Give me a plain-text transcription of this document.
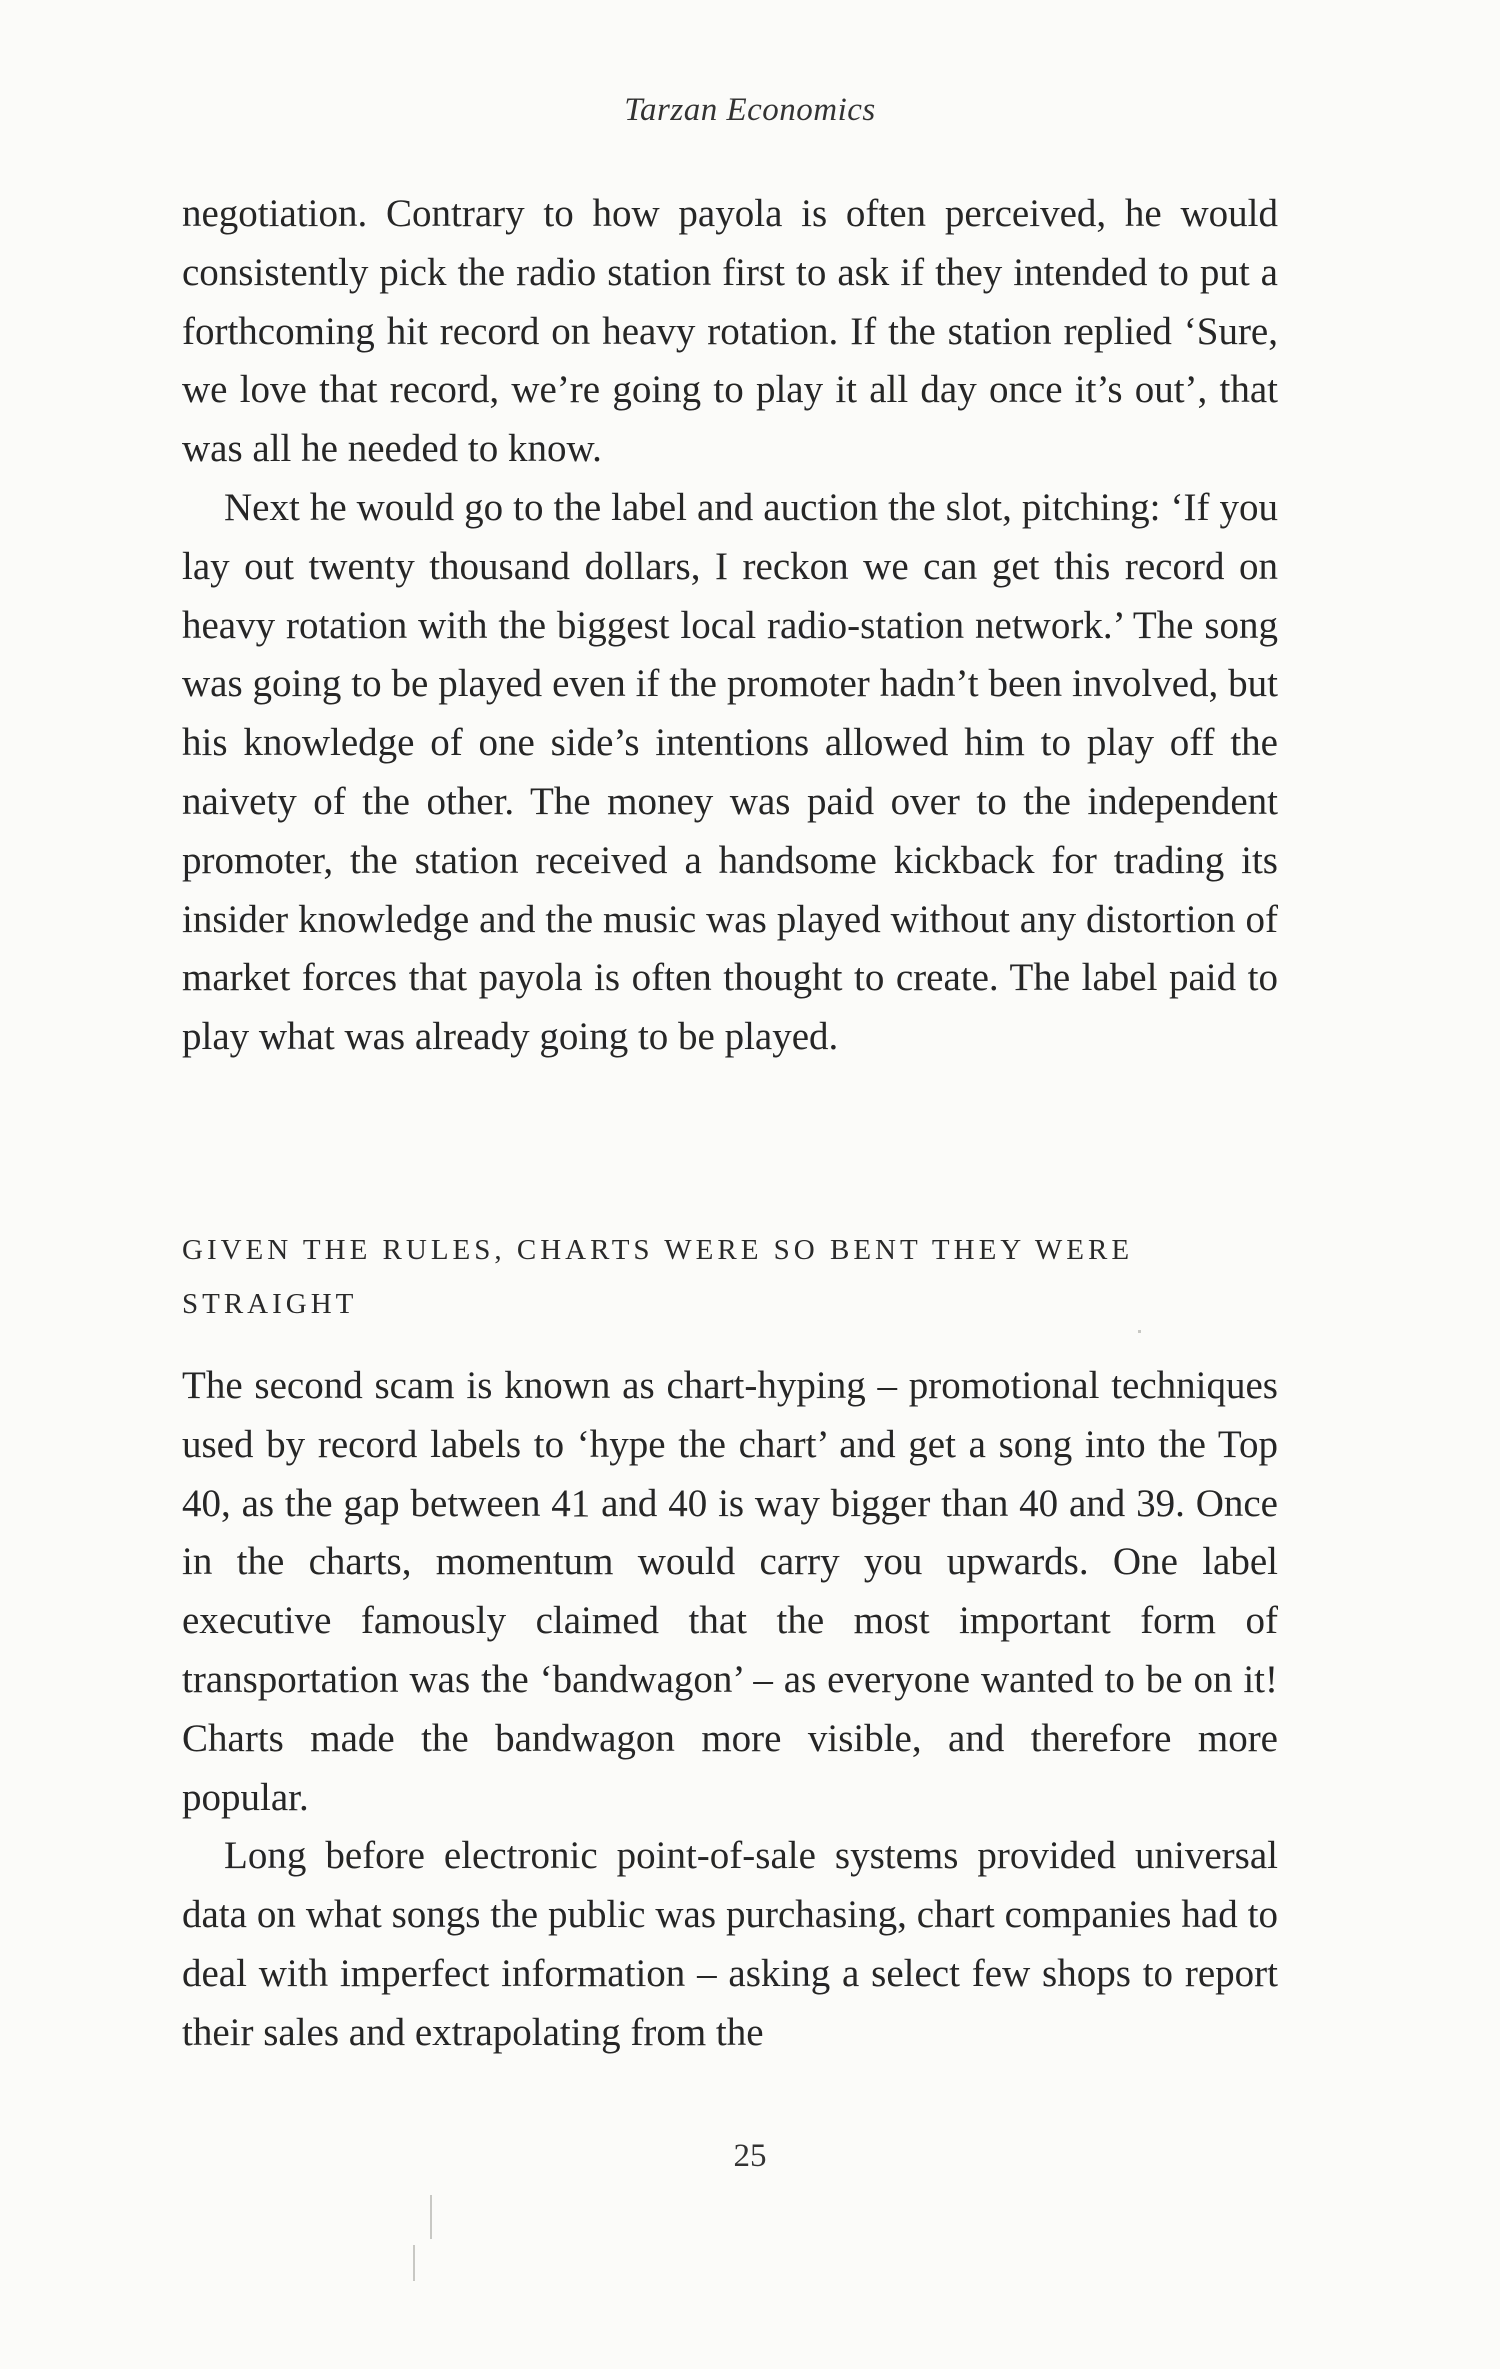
Tarzan Economics

negotiation. Contrary to how payola is often perceived, he would consistently pick the radio station first to ask if they intended to put a forthcoming hit record on heavy rotation. If the station replied ‘Sure, we love that record, we’re going to play it all day once it’s out’, that was all he needed to know.

Next he would go to the label and auction the slot, pitching: ‘If you lay out twenty thousand dollars, I reckon we can get this record on heavy rotation with the biggest local radio-station network.’ The song was going to be played even if the promoter hadn’t been involved, but his knowledge of one side’s intentions allowed him to play off the naivety of the other. The money was paid over to the independent promoter, the station received a handsome kickback for trading its insider knowledge and the music was played without any distortion of market forces that payola is often thought to create. The label paid to play what was already going to be played.

GIVEN THE RULES, CHARTS WERE SO BENT THEY WERE STRAIGHT

The second scam is known as chart-hyping – promotional techniques used by record labels to ‘hype the chart’ and get a song into the Top 40, as the gap between 41 and 40 is way bigger than 40 and 39. Once in the charts, momentum would carry you upwards. One label executive famously claimed that the most important form of transportation was the ‘bandwagon’ – as everyone wanted to be on it! Charts made the bandwagon more visible, and therefore more popular.

Long before electronic point-of-sale systems provided universal data on what songs the public was purchasing, chart companies had to deal with imperfect information – asking a select few shops to report their sales and extrapolating from the

25
